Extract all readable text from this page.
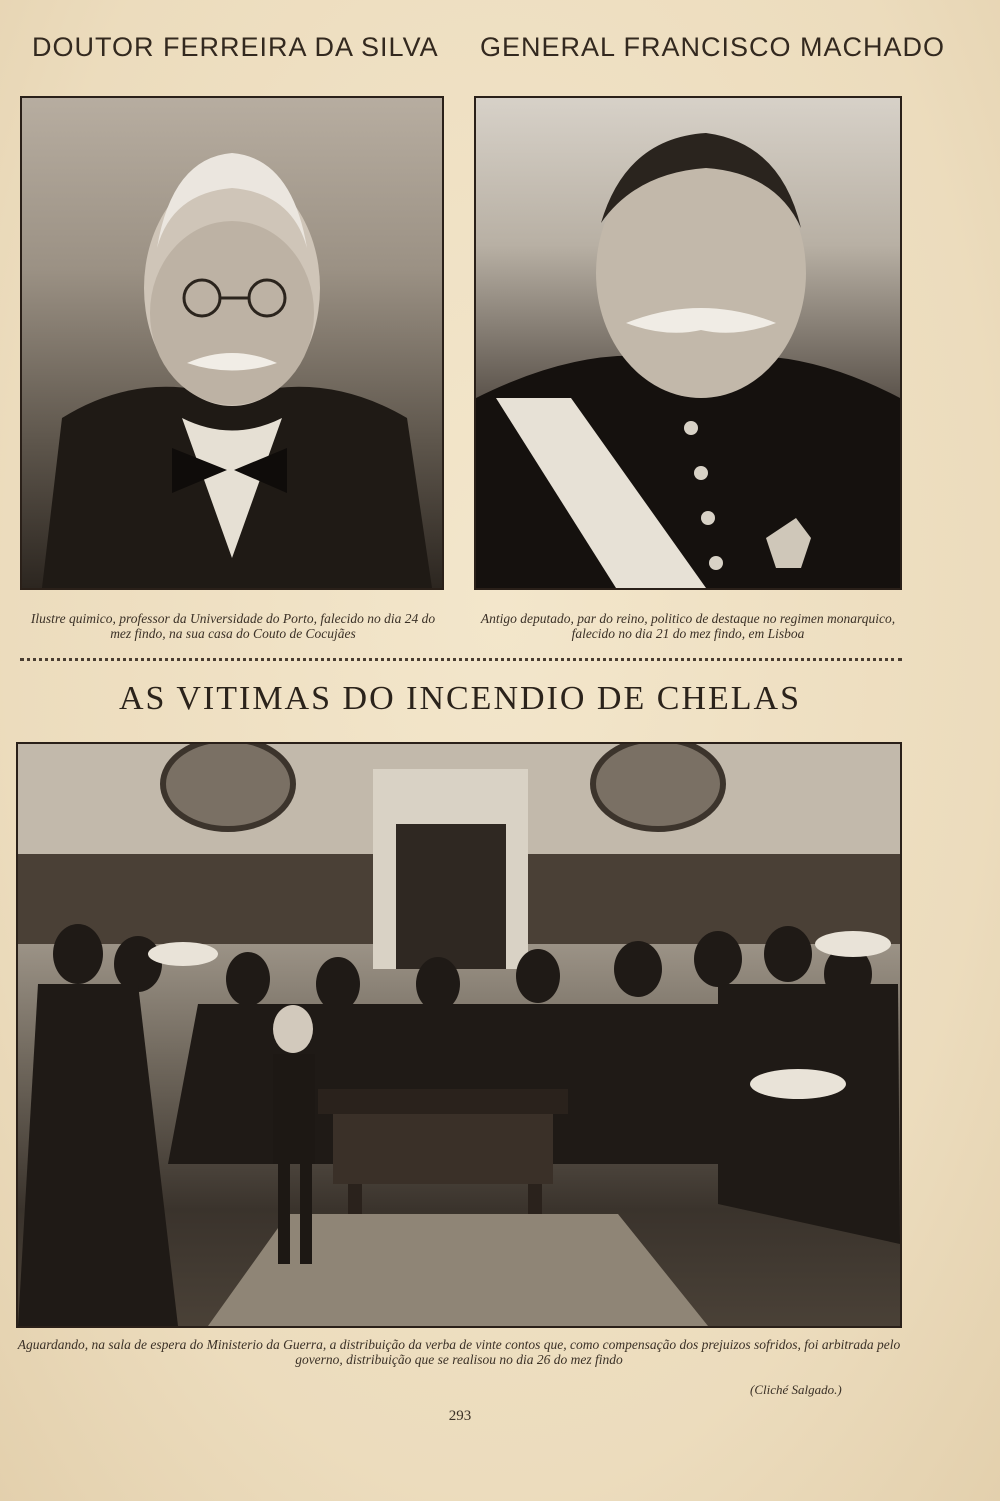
DOUTOR FERREIRA DA SILVA GENERAL FRANCISCO MACHADO
Ilustre quimico, professor da Universidade do Porto, falecido no dia 24 do mez findo, na sua casa do Couto de Cocujães
Antigo deputado, par do reino, politico de destaque no regimen monarquico, falecido no dia 21 do mez findo, em Lisboa
AS VITIMAS DO INCENDIO DE CHELAS
Aguardando, na sala de espera do Ministerio da Guerra, a distribuição da verba de vinte contos que, como compensação dos prejuizos sofridos, foi arbitrada pelo governo, distribuição que se realisou no dia 26 do mez findo
(Cliché Salgado.)
293
